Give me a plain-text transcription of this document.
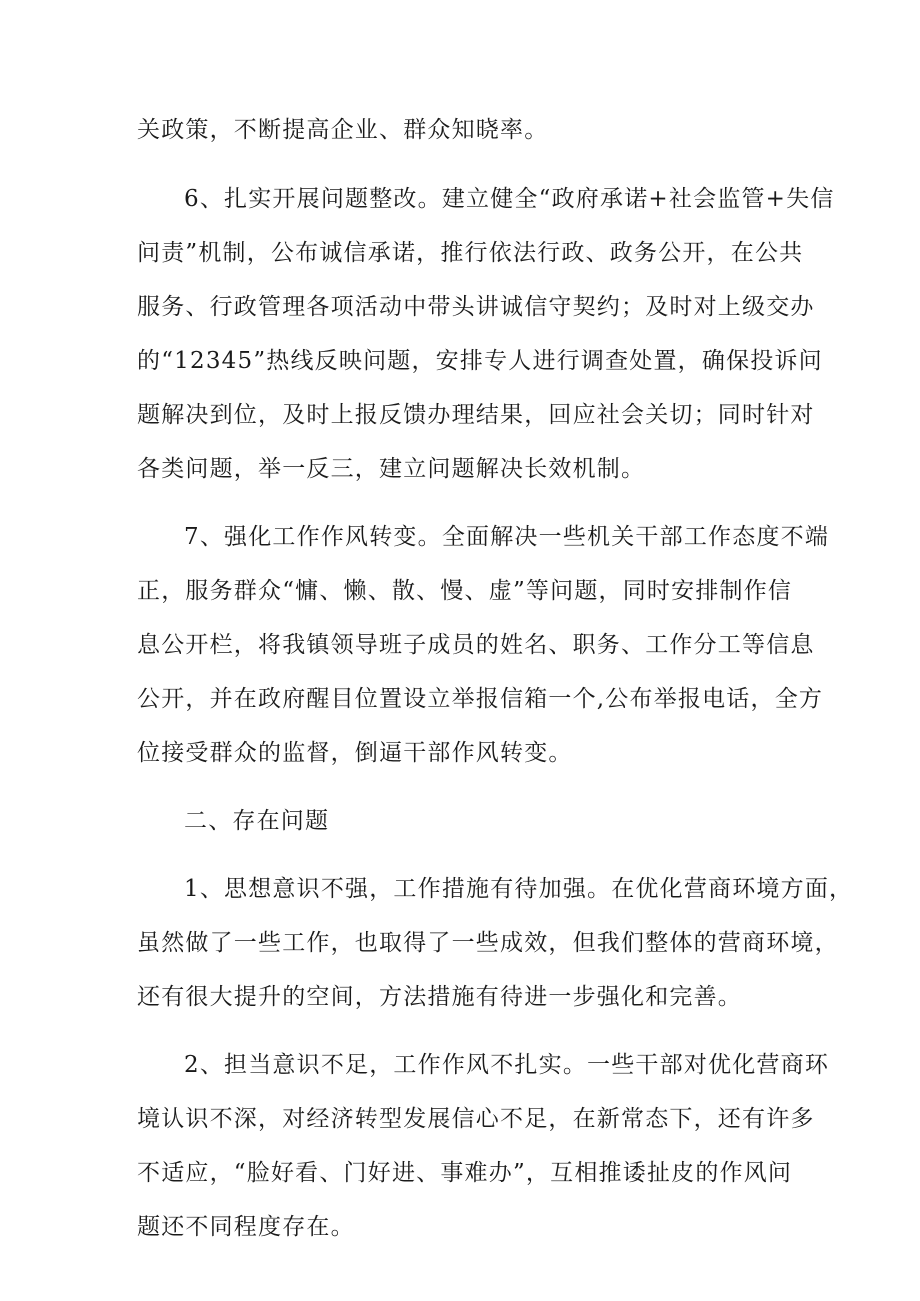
关政策，不断提高企业、群众知晓率。
6、扎实开展问题整改。建立健全“政府承诺+社会监管+失信
问责”机制，公布诚信承诺，推行依法行政、政务公开，在公共
服务、行政管理各项活动中带头讲诚信守契约；及时对上级交办
的“12345”热线反映问题，安排专人进行调查处置，确保投诉问
题解决到位，及时上报反馈办理结果，回应社会关切；同时针对
各类问题，举一反三，建立问题解决长效机制。
7、强化工作作风转变。全面解决一些机关干部工作态度不端
正，服务群众“慵、懒、散、慢、虚”等问题，同时安排制作信
息公开栏，将我镇领导班子成员的姓名、职务、工作分工等信息
公开，并在政府醒目位置设立举报信箱一个,公布举报电话，全方
位接受群众的监督，倒逼干部作风转变。
二、存在问题
1、思想意识不强，工作措施有待加强。在优化营商环境方面，
虽然做了一些工作，也取得了一些成效，但我们整体的营商环境，
还有很大提升的空间，方法措施有待进一步强化和完善。
2、担当意识不足，工作作风不扎实。一些干部对优化营商环
境认识不深，对经济转型发展信心不足，在新常态下，还有许多
不适应，“脸好看、门好进、事难办”，互相推诿扯皮的作风问
题还不同程度存在。
